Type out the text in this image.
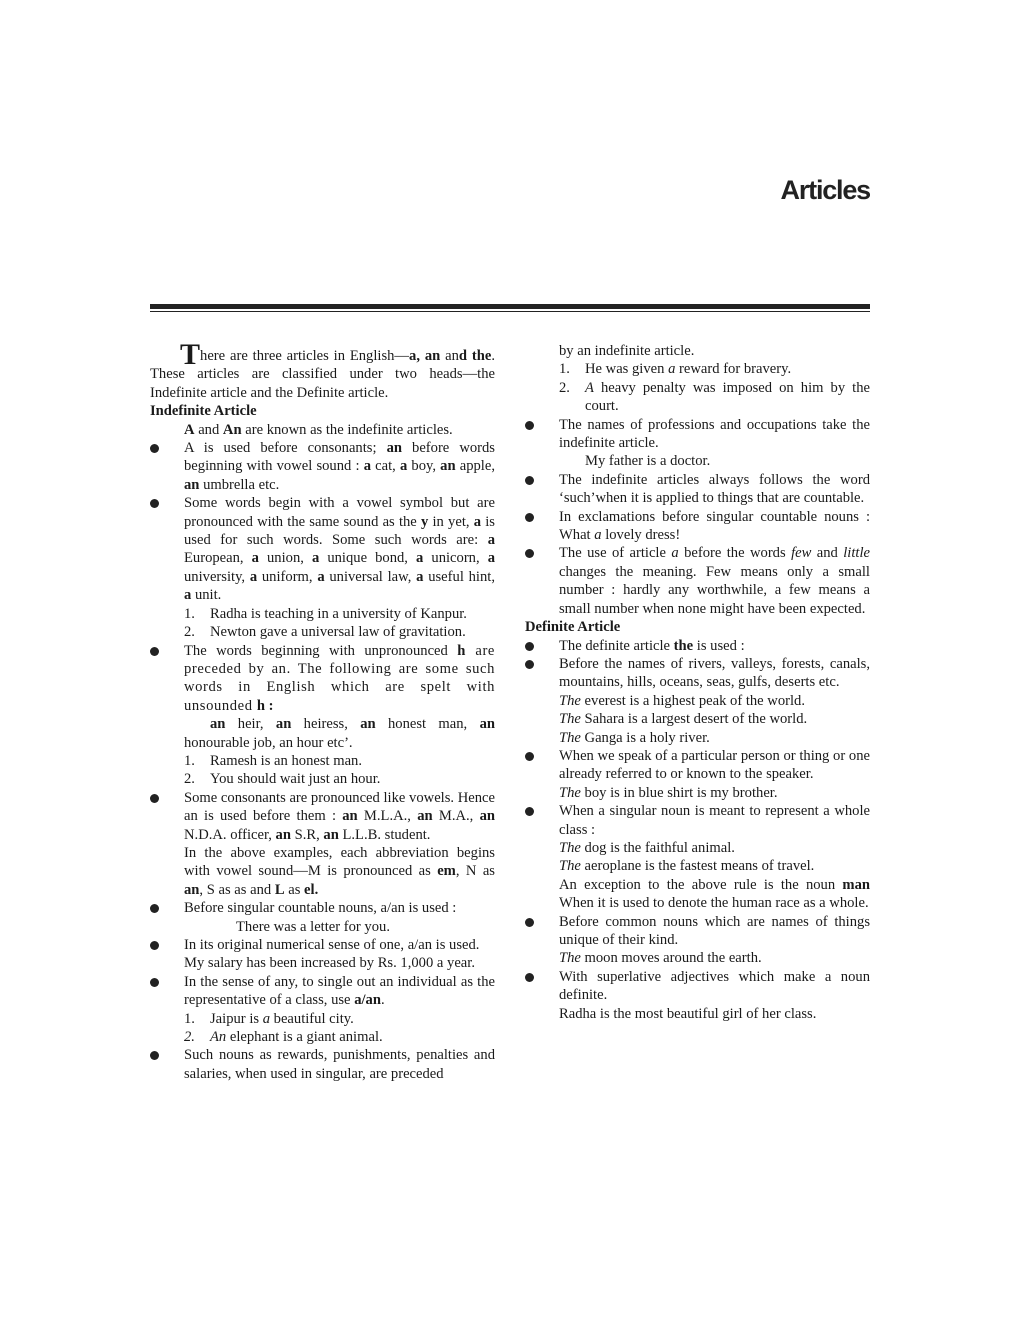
Articles

There are three articles in English—a, an and the. These articles are classified under two heads—the Indefinite article and the Definite article.

Indefinite Article

A and An are known as the indefinite articles.

A is used before consonants; an before words beginning with vowel sound : a cat, a boy, an apple, an umbrella etc.
Some words begin with a vowel symbol but are pronounced with the same sound as the y in yet, a is used for such words. Some such words are: a European, a union, a unique bond, a unicorn, a university, a uniform, a universal law, a useful hint, a unit.
1.	Radha is teaching in a university of Kanpur.
2.	Newton gave a universal law of gravitation.
The words beginning with unpronounced h are preceded by an. The following are some such words in English which are spelt with unsounded h :

an heir, an heiress, an honest man, an honourable job, an hour etc’.

1.	Ramesh is an honest man.
2.	You should wait just an hour.
Some consonants are pronounced like vowels. Hence an is used before them : an M.L.A., an M.A., an N.D.A. officer, an S.R, an L.L.B. student.

In the above examples, each abbreviation begins with vowel sound—M is pronounced as em, N as an, S as as and L as el.

Before singular countable nouns, a/an is used :

There was a letter for you.

In its original numerical sense of one, a/an is used.

My salary has been increased by Rs. 1,000 a year.

In the sense of any, to single out an individual as the representative of a class, use a/an.
1.	Jaipur is a beautiful city.
2.	An elephant is a giant animal.
Such nouns as rewards, punishments, penalties and salaries, when used in singular, are preceded

by an indefinite article.

1.	He was given a reward for bravery.
2.	A heavy penalty was imposed on him by the court.
The names of professions and occupations take the indefinite article.

My father is a doctor.

The indefinite articles always follows the word ‘such’when it is applied to things that are countable.
In exclamations before singular countable nouns : What a lovely dress!
The use of article a before the words few and little changes the meaning. Few means only a small number : hardly any worthwhile, a few means a small number when none might have been expected.

Definite Article

The definite article the is used :
Before the names of rivers, valleys, forests, canals, mountains, hills, oceans, seas, gulfs, deserts etc.

The everest is a highest peak of the world.

The Sahara is a largest desert of the world.

The Ganga is a holy river.

When we speak of a particular person or thing or one already referred to or known to the speaker.

The boy is in blue shirt is my brother.

When a singular noun is meant to represent a whole class :

The dog is the faithful animal.

The aeroplane is the fastest means of travel.

An exception to the above rule is the noun man When it is used to denote the human race as a whole.

Before common nouns which are names of things unique of their kind.

The moon moves around the earth.

With superlative adjectives which make a noun definite.

Radha is the most beautiful girl of her class.
